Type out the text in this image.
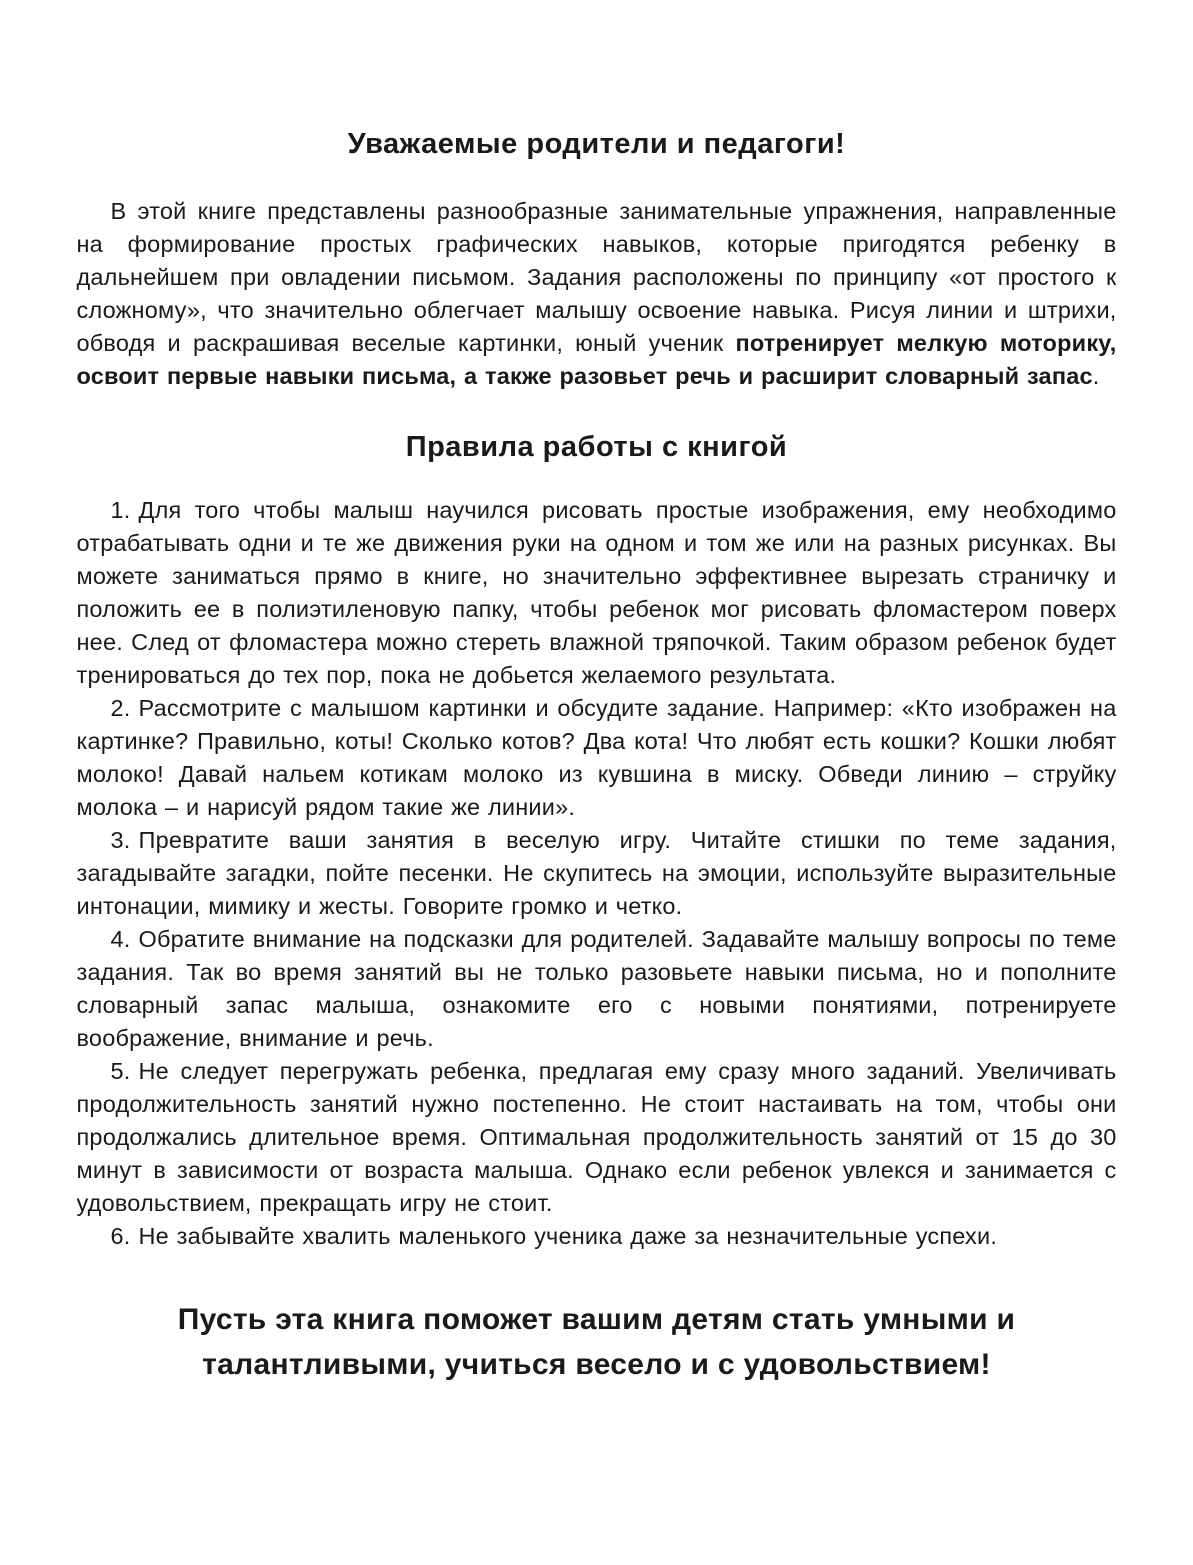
Уважаемые родители и педагоги!

В этой книге представлены разнообразные занимательные упражнения, направленные на формирование простых графических навыков, которые пригодятся ребенку в дальнейшем при овладении письмом. Задания расположены по принципу «от простого к сложному», что значительно облегчает малышу освоение навыка. Рисуя линии и штрихи, обводя и раскрашивая веселые картинки, юный ученик потренирует мелкую моторику, освоит первые навыки письма, а также разовьет речь и расширит словарный запас.

Правила работы с книгой

1. Для того чтобы малыш научился рисовать простые изображения, ему необходимо отрабатывать одни и те же движения руки на одном и том же или на разных рисунках. Вы можете заниматься прямо в книге, но значительно эффективнее вырезать страничку и положить ее в полиэтиленовую папку, чтобы ребенок мог рисовать фломастером поверх нее. След от фломастера можно стереть влажной тряпочкой. Таким образом ребенок будет тренироваться до тех пор, пока не добьется желаемого результата.

2. Рассмотрите с малышом картинки и обсудите задание. Например: «Кто изображен на картинке? Правильно, коты! Сколько котов? Два кота! Что любят есть кошки? Кошки любят молоко! Давай нальем котикам молоко из кувшина в миску. Обведи линию – струйку молока – и нарисуй рядом такие же линии».

3. Превратите ваши занятия в веселую игру. Читайте стишки по теме задания, загадывайте загадки, пойте песенки. Не скупитесь на эмоции, используйте выразительные интонации, мимику и жесты. Говорите громко и четко.

4. Обратите внимание на подсказки для родителей. Задавайте малышу вопросы по теме задания. Так во время занятий вы не только разовьете навыки письма, но и пополните словарный запас малыша, ознакомите его с новыми понятиями, потренируете воображение, внимание и речь.

5. Не следует перегружать ребенка, предлагая ему сразу много заданий. Увеличивать продолжительность занятий нужно постепенно. Не стоит настаивать на том, чтобы они продолжались длительное время. Оптимальная продолжительность занятий от 15 до 30 минут в зависимости от возраста малыша. Однако если ребенок увлекся и занимается с удовольствием, прекращать игру не стоит.

6. Не забывайте хвалить маленького ученика даже за незначительные успехи.

Пусть эта книга поможет вашим детям стать умными и талантливыми, учиться весело и с удовольствием!
